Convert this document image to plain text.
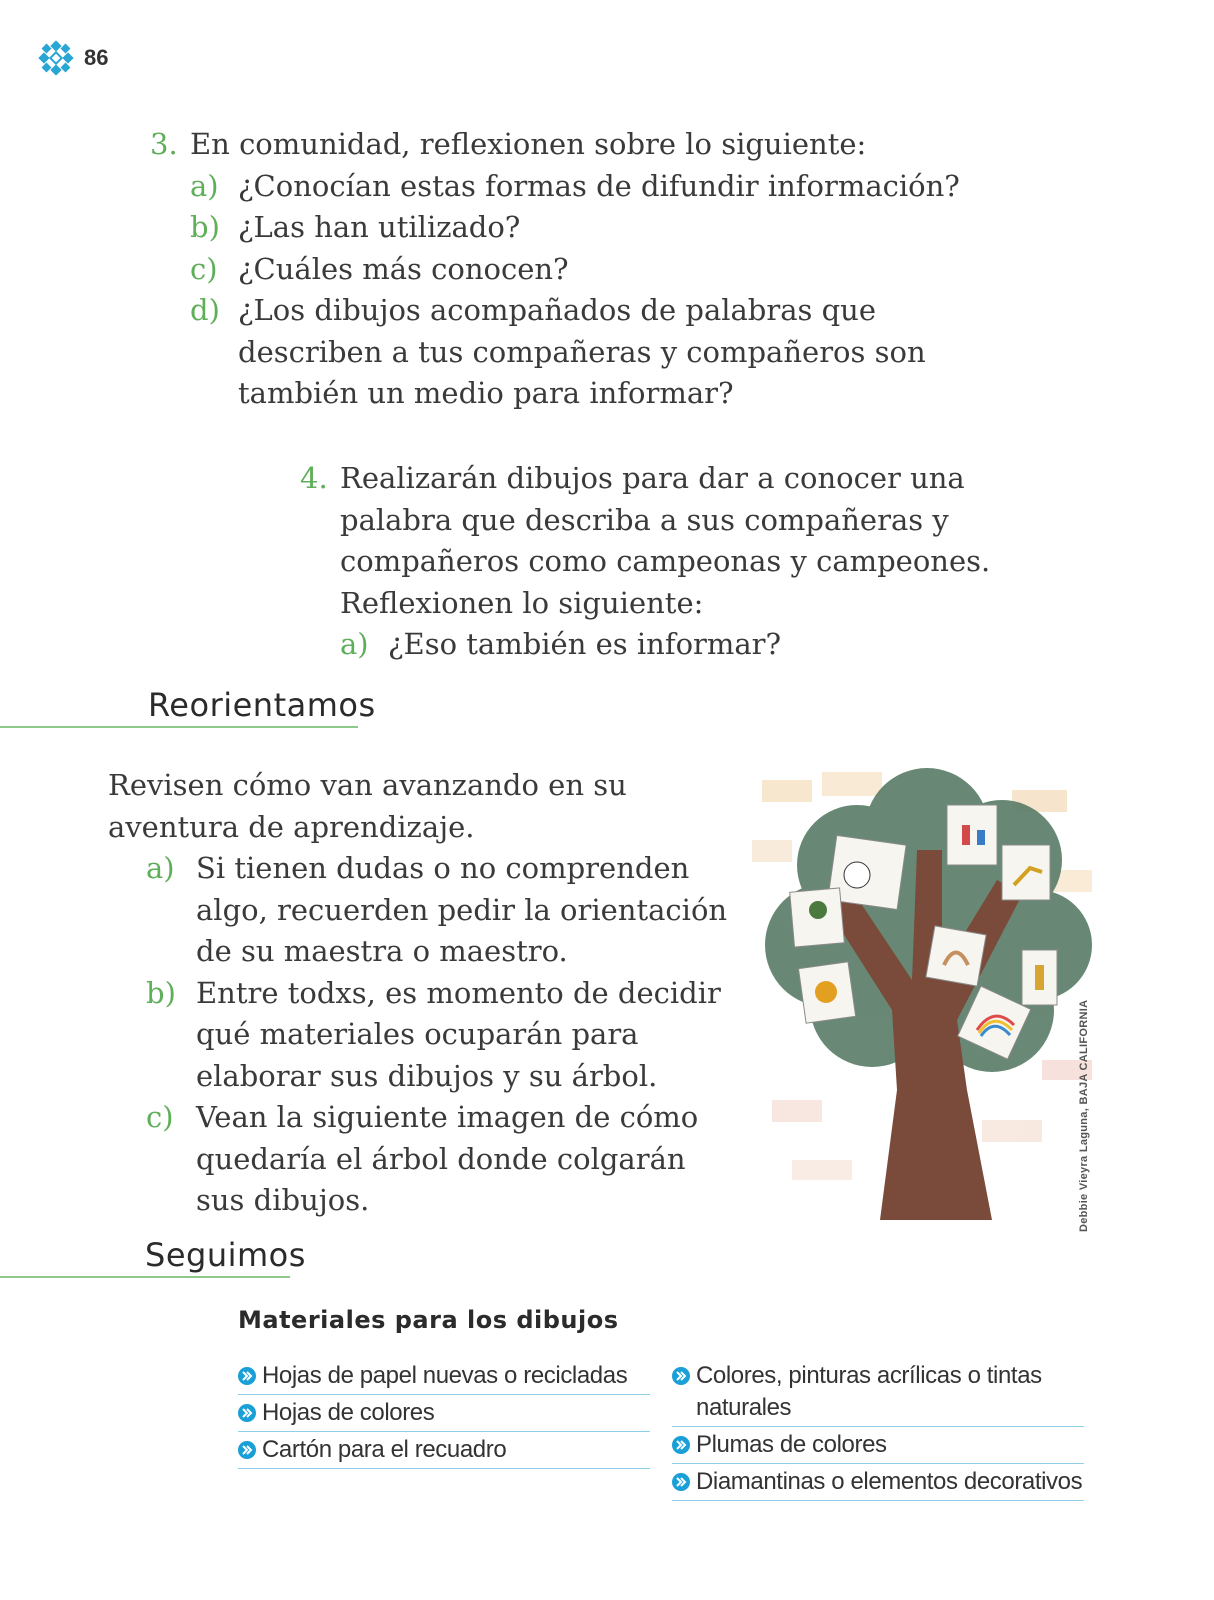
86
3. En comunidad, reflexionen sobre lo siguiente:
a) ¿Conocían estas formas de difundir información?
b) ¿Las han utilizado?
c) ¿Cuáles más conocen?
d) ¿Los dibujos acompañados de palabras que
describen a tus compañeras y compañeros son
también un medio para informar?
4. Realizarán dibujos para dar a conocer una
palabra que describa a sus compañeras y
compañeros como campeonas y campeones.
Reflexionen lo siguiente:
a) ¿Eso también es informar?
Reorientamos
Revisen cómo van avanzando en su
aventura de aprendizaje.
a) Si tienen dudas o no comprenden
algo, recuerden pedir la orientación
de su maestra o maestro.
b) Entre todxs, es momento de decidir
qué materiales ocuparán para
elaborar sus dibujos y su árbol.
c) Vean la siguiente imagen de cómo
quedaría el árbol donde colgarán
sus dibujos.	Debbie Vieyra Laguna, BAJA CALIFORNIA
Seguimos
Materiales para los dibujos
Hojas de papel nuevas o recicladas
Hojas de colores
Cartón para el recuadro
Colores, pinturas acrílicas o tintas
naturales
Plumas de colores
Diamantinas o elementos decorativos
